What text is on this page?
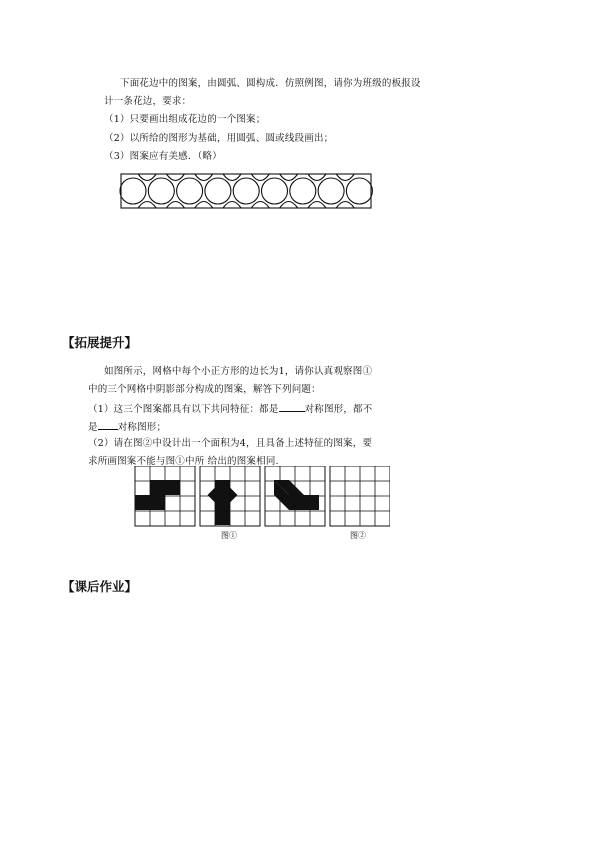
下面花边中的图案，由圆弧、圆构成．仿照例图，请你为班级的板报设
计一条花边，要求：
（1）只要画出组成花边的一个图案；
（2）以所给的图形为基础，用圆弧、圆或线段画出；
（3）图案应有美感．（略）
【拓展提升】
如图所示，网格中每个小正方形的边长为1，请你认真观察图①
中的三个网格中阴影部分构成的图案，解答下列问题：
（1）这三个图案都具有以下共同特征：都是	对称图形，都不
是 对称图形；
（2）请在图②中设计出一个面积为4，且具备上述特征的图案，要
求所画图案不能与图①中所 给出的图案相同.
图①	图②
【课后作业】
